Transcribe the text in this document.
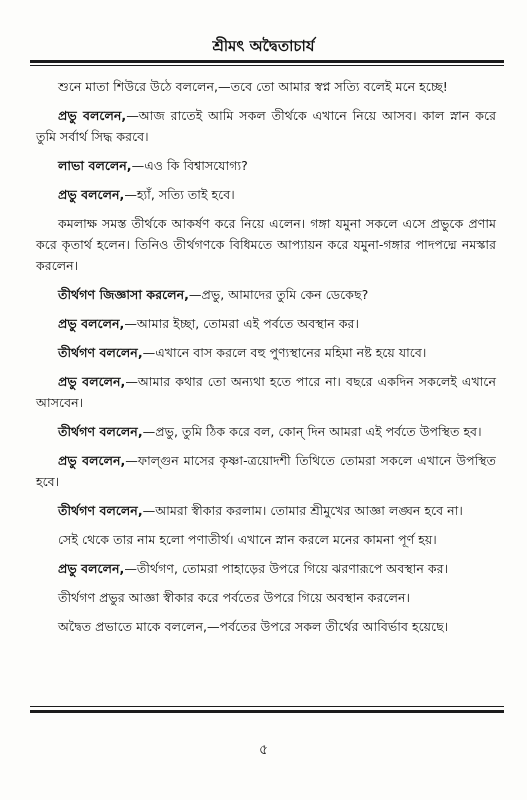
শ্রীমৎ অদ্বৈতাচার্য

শুনে মাতা শিউরে উঠে বললেন,—তবে তো আমার স্বপ্ন সত্যি বলেই মনে হচ্ছে!

প্রভু বললেন,—আজ রাতেই আমি সকল তীর্থকে এখানে নিয়ে আসব। কাল স্নান করে তুমি সর্বার্থ সিদ্ধ করবে।

লাভা বললেন,—এও কি বিশ্বাসযোগ্য?

প্রভু বললেন,—হ্যাঁ, সত্যি তাই হবে।

কমলাক্ষ সমস্ত তীর্থকে আকর্ষণ করে নিয়ে এলেন। গঙ্গা যমুনা সকলে এসে প্রভুকে প্রণাম করে কৃতার্থ হলেন। তিনিও তীর্থগণকে বিধিমতে আপ্যায়ন করে যমুনা-গঙ্গার পাদপদ্মে নমস্কার করলেন।

তীর্থগণ জিজ্ঞাসা করলেন,—প্রভু, আমাদের তুমি কেন ডেকেছ?

প্রভু বললেন,—আমার ইচ্ছা, তোমরা এই পর্বতে অবস্থান কর।

তীর্থগণ বললেন,—এখানে বাস করলে বহু পুণ্যস্থানের মহিমা নষ্ট হয়ে যাবে।

প্রভু বললেন,—আমার কথার তো অন্যথা হতে পারে না। বছরে একদিন সকলেই এখানে আসবেন।

তীর্থগণ বললেন,—প্রভু, তুমি ঠিক করে বল, কোন্ দিন আমরা এই পর্বতে উপস্থিত হব।

প্রভু বললেন,—ফাল্গুন মাসের কৃষ্ণা-ত্রয়োদশী তিথিতে তোমরা সকলে এখানে উপস্থিত হবে।

তীর্থগণ বললেন,—আমরা স্বীকার করলাম। তোমার শ্রীমুখের আজ্ঞা লঙ্ঘন হবে না।

সেই থেকে তার নাম হলো পণাতীর্থ। এখানে স্নান করলে মনের কামনা পূর্ণ হয়।

প্রভু বললেন,—তীর্থগণ, তোমরা পাহাড়ের উপরে গিয়ে ঝরণারূপে অবস্থান কর।

তীর্থগণ প্রভুর আজ্ঞা স্বীকার করে পর্বতের উপরে গিয়ে অবস্থান করলেন।

অদ্বৈত প্রভাতে মাকে বললেন,—পর্বতের উপরে সকল তীর্থের আবির্ভাব হয়েছে।

৫
